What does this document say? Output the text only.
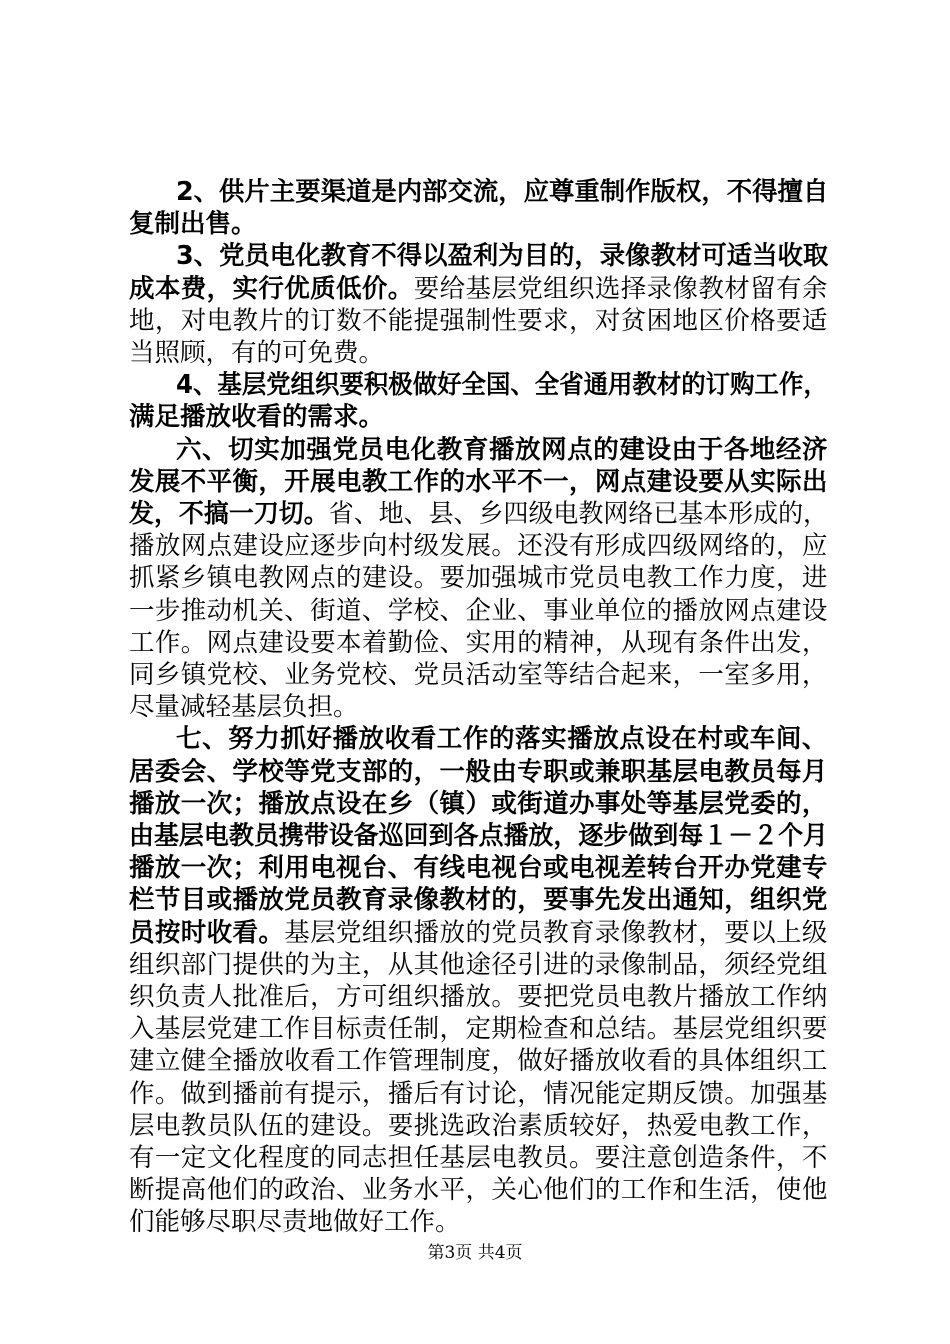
2、供片主要渠道是内部交流，应尊重制作版权，不得擅自
复制出售。
3、党员电化教育不得以盈利为目的，录像教材可适当收取
成本费，实行优质低价。要给基层党组织选择录像教材留有余
地，对电教片的订数不能提强制性要求，对贫困地区价格要适
当照顾，有的可免费。
4、基层党组织要积极做好全国、全省通用教材的订购工作，
满足播放收看的需求。
六、切实加强党员电化教育播放网点的建设由于各地经济
发展不平衡，开展电教工作的水平不一，网点建设要从实际出
发，不搞一刀切。省、地、县、乡四级电教网络已基本形成的，
播放网点建设应逐步向村级发展。还没有形成四级网络的，应
抓紧乡镇电教网点的建设。要加强城市党员电教工作力度，进
一步推动机关、街道、学校、企业、事业单位的播放网点建设
工作。网点建设要本着勤俭、实用的精神，从现有条件出发，
同乡镇党校、业务党校、党员活动室等结合起来，一室多用，
尽量减轻基层负担。
七、努力抓好播放收看工作的落实播放点设在村或车间、
居委会、学校等党支部的，一般由专职或兼职基层电教员每月
播放一次；播放点设在乡（镇）或街道办事处等基层党委的，
由基层电教员携带设备巡回到各点播放，逐步做到每１－２个月
播放一次；利用电视台、有线电视台或电视差转台开办党建专
栏节目或播放党员教育录像教材的，要事先发出通知，组织党
员按时收看。基层党组织播放的党员教育录像教材，要以上级
组织部门提供的为主，从其他途径引进的录像制品，须经党组
织负责人批准后，方可组织播放。要把党员电教片播放工作纳
入基层党建工作目标责任制，定期检查和总结。基层党组织要
建立健全播放收看工作管理制度，做好播放收看的具体组织工
作。做到播前有提示，播后有讨论，情况能定期反馈。加强基
层电教员队伍的建设。要挑选政治素质较好，热爱电教工作，
有一定文化程度的同志担任基层电教员。要注意创造条件，不
断提高他们的政治、业务水平，关心他们的工作和生活，使他
们能够尽职尽责地做好工作。
第3页 共4页
